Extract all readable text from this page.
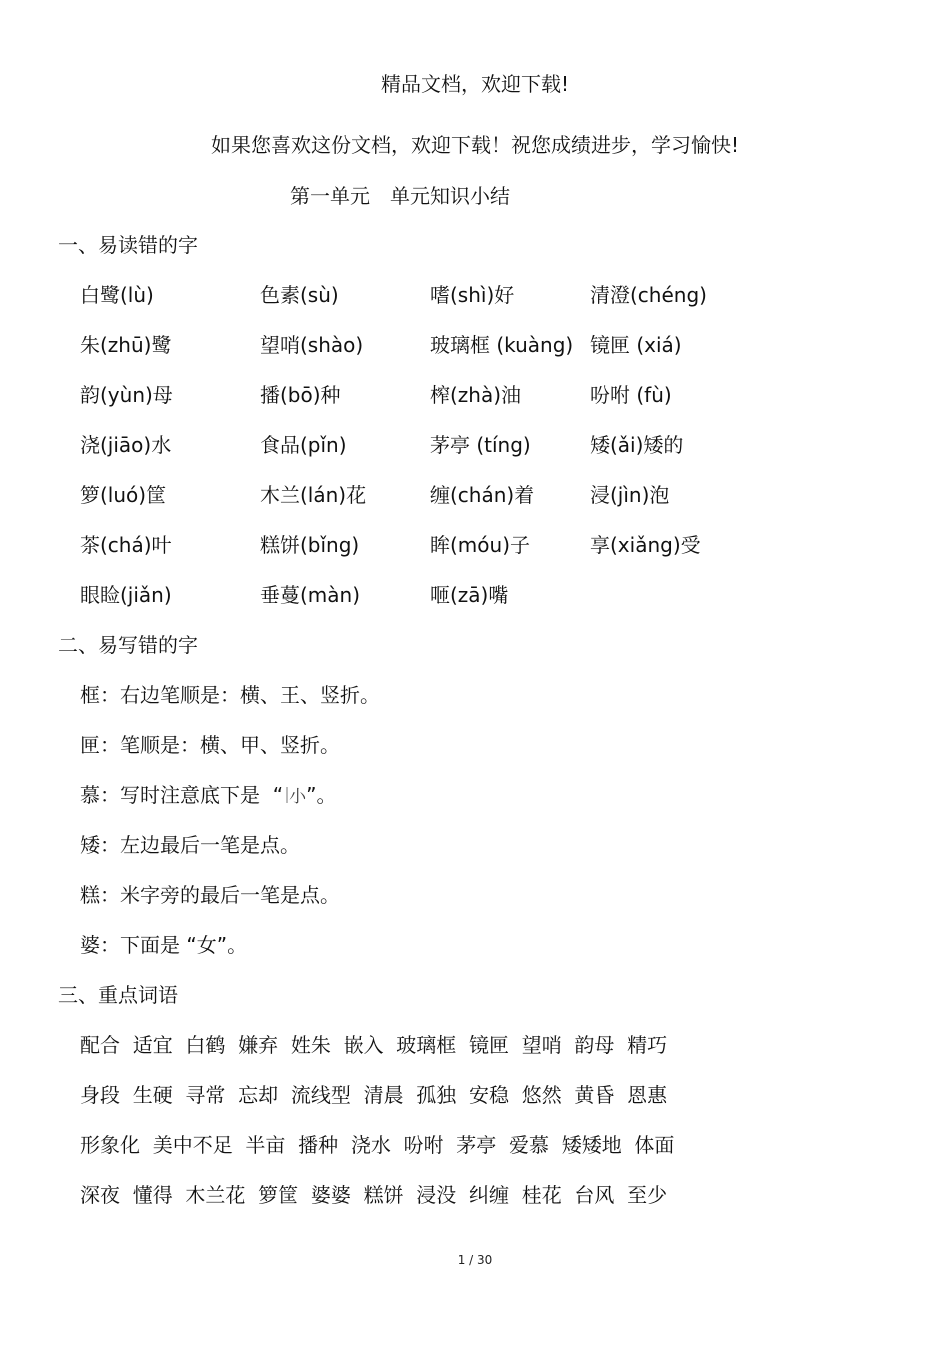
精品文档，欢迎下载!
如果您喜欢这份文档，欢迎下载！祝您成绩进步，学习愉快!
第一单元　单元知识小结
一、易读错的字
白鹭(lù)	色素(sù)	嗜(shì)好	清澄(chéng)
朱(zhū)鹭	望哨(shào)	玻璃框 (kuàng) 镜匣 (xiá)
韵(yùn)母	播(bō)种	榨(zhà)油	吩咐 (fù)
浇(jiāo)水	食品(pǐn)	茅亭 (tíng)	矮(ǎi)矮的
箩(luó)筐	木兰(lán)花	缠(chán)着	浸(jìn)泡
茶(chá)叶	糕饼(bǐng)	眸(móu)子	享(xiǎng)受
眼睑(jiǎn)	垂蔓(màn)	咂(zā)嘴
二、易写错的字
框：右边笔顺是：横、王、竖折。
匣：笔顺是：横、甲、竖折。
慕：写时注意底下是  “ 小”。
矮：左边最后一笔是点。
糕：米字旁的最后一笔是点。
婆：下面是 “女”。
三、重点词语
配合  适宜  白鹤  嫌弃  姓朱  嵌入  玻璃框  镜匣  望哨  韵母  精巧
身段  生硬  寻常  忘却  流线型  清晨  孤独  安稳  悠然  黄昏  恩惠
形象化  美中不足  半亩  播种  浇水  吩咐  茅亭  爱慕  矮矮地  体面
深夜  懂得  木兰花  箩筐  婆婆  糕饼  浸没  纠缠  桂花  台风  至少
1 / 30
